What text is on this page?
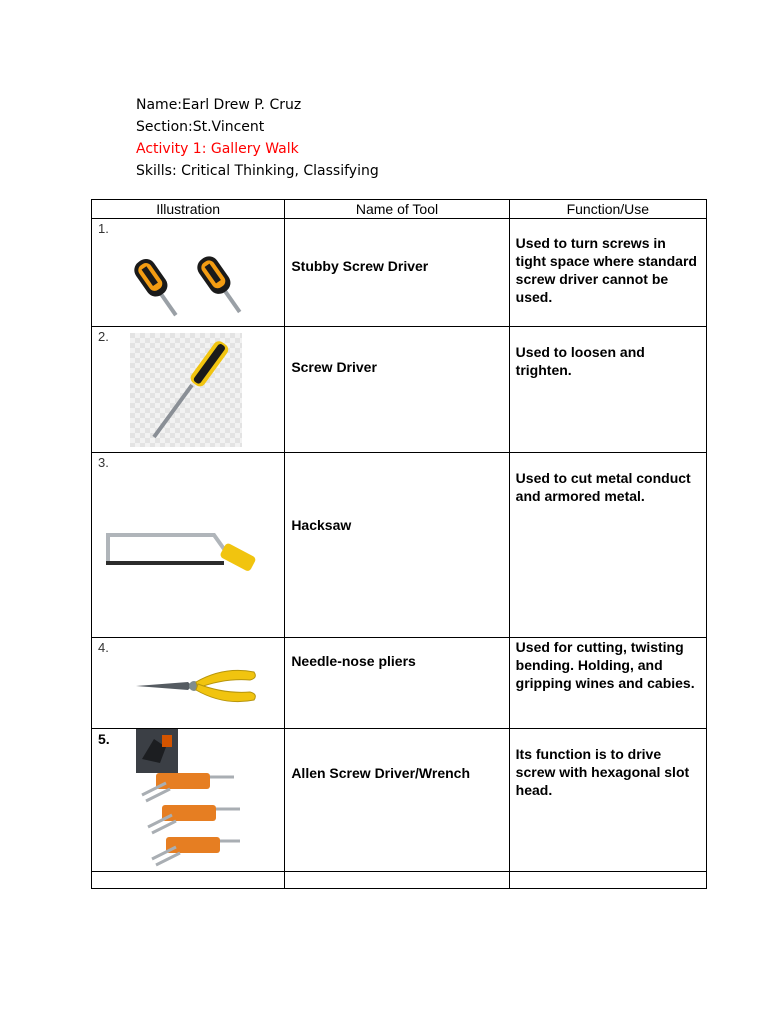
Name:Earl Drew P. Cruz
Section:St.Vincent
Activity 1: Gallery Walk
Skills: Critical Thinking, Classifying
Illustration	Name of Tool	Function/Use

1.	Stubby Screw Driver	Used to turn screws in tight space where standard screw driver cannot be used.

2.	Screw Driver	Used to loosen and trighten.

3.	Hacksaw	Used to cut metal conduct and armored metal.

4.	Needle-nose pliers	Used for cutting, twisting bending. Holding, and gripping wines and cabies.

5.	Allen Screw Driver/Wrench	Its function is to drive screw with hexagonal slot head.
